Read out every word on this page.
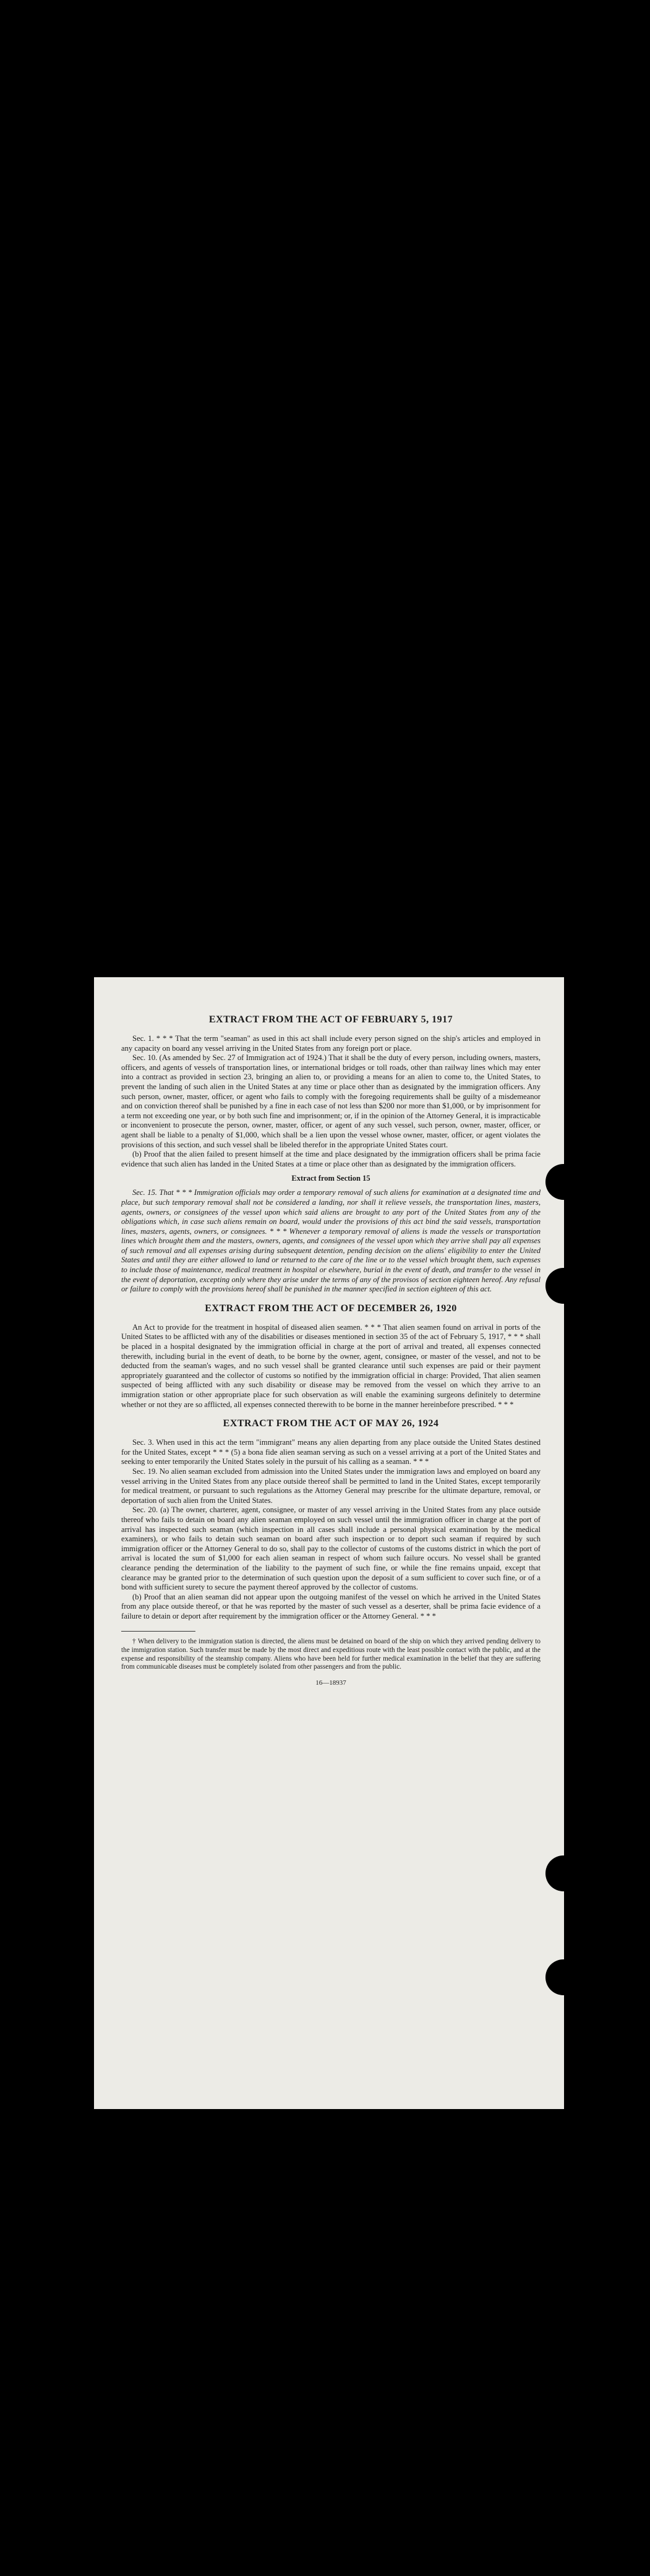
EXTRACT FROM THE ACT OF FEBRUARY 5, 1917

Sec. 1. * * * That the term "seaman" as used in this act shall include every person signed on the ship's articles and employed in any capacity on board any vessel arriving in the United States from any foreign port or place.

Sec. 10. (As amended by Sec. 27 of Immigration act of 1924.) That it shall be the duty of every person, including owners, masters, officers, and agents of vessels of transportation lines, or international bridges or toll roads, other than railway lines which may enter into a contract as provided in section 23, bringing an alien to, or providing a means for an alien to come to, the United States, to prevent the landing of such alien in the United States at any time or place other than as designated by the immigration officers. Any such person, owner, master, officer, or agent who fails to comply with the foregoing requirements shall be guilty of a misdemeanor and on conviction thereof shall be punished by a fine in each case of not less than $200 nor more than $1,000, or by imprisonment for a term not exceeding one year, or by both such fine and imprisonment; or, if in the opinion of the Attorney General, it is impracticable or inconvenient to prosecute the person, owner, master, officer, or agent of any such vessel, such person, owner, master, officer, or agent shall be liable to a penalty of $1,000, which shall be a lien upon the vessel whose owner, master, officer, or agent violates the provisions of this section, and such vessel shall be libeled therefor in the appropriate United States court.

(b) Proof that the alien failed to present himself at the time and place designated by the immigration officers shall be prima facie evidence that such alien has landed in the United States at a time or place other than as designated by the immigration officers.

Extract from Section 15

Sec. 15. That * * * Immigration officials may order a temporary removal of such aliens for examination at a designated time and place, but such temporary removal shall not be considered a landing, nor shall it relieve vessels, the transportation lines, masters, agents, owners, or consignees of the vessel upon which said aliens are brought to any port of the United States from any of the obligations which, in case such aliens remain on board, would under the provisions of this act bind the said vessels, transportation lines, masters, agents, owners, or consignees. * * * Whenever a temporary removal of aliens is made the vessels or transportation lines which brought them and the masters, owners, agents, and consignees of the vessel upon which they arrive shall pay all expenses of such removal and all expenses arising during subsequent detention, pending decision on the aliens' eligibility to enter the United States and until they are either allowed to land or returned to the care of the line or to the vessel which brought them, such expenses to include those of maintenance, medical treatment in hospital or elsewhere, burial in the event of death, and transfer to the vessel in the event of deportation, excepting only where they arise under the terms of any of the provisos of section eighteen hereof. Any refusal or failure to comply with the provisions hereof shall be punished in the manner specified in section eighteen of this act.

EXTRACT FROM THE ACT OF DECEMBER 26, 1920

An Act to provide for the treatment in hospital of diseased alien seamen. * * * That alien seamen found on arrival in ports of the United States to be afflicted with any of the disabilities or diseases mentioned in section 35 of the act of February 5, 1917, * * * shall be placed in a hospital designated by the immigration official in charge at the port of arrival and treated, all expenses connected therewith, including burial in the event of death, to be borne by the owner, agent, consignee, or master of the vessel, and not to be deducted from the seaman's wages, and no such vessel shall be granted clearance until such expenses are paid or their payment appropriately guaranteed and the collector of customs so notified by the immigration official in charge: Provided, That alien seamen suspected of being afflicted with any such disability or disease may be removed from the vessel on which they arrive to an immigration station or other appropriate place for such observation as will enable the examining surgeons definitely to determine whether or not they are so afflicted, all expenses connected therewith to be borne in the manner hereinbefore prescribed. * * *

EXTRACT FROM THE ACT OF MAY 26, 1924

Sec. 3. When used in this act the term "immigrant" means any alien departing from any place outside the United States destined for the United States, except * * * (5) a bona fide alien seaman serving as such on a vessel arriving at a port of the United States and seeking to enter temporarily the United States solely in the pursuit of his calling as a seaman. * * *

Sec. 19. No alien seaman excluded from admission into the United States under the immigration laws and employed on board any vessel arriving in the United States from any place outside thereof shall be permitted to land in the United States, except temporarily for medical treatment, or pursuant to such regulations as the Attorney General may prescribe for the ultimate departure, removal, or deportation of such alien from the United States.

Sec. 20. (a) The owner, charterer, agent, consignee, or master of any vessel arriving in the United States from any place outside thereof who fails to detain on board any alien seaman employed on such vessel until the immigration officer in charge at the port of arrival has inspected such seaman (which inspection in all cases shall include a personal physical examination by the medical examiners), or who fails to detain such seaman on board after such inspection or to deport such seaman if required by such immigration officer or the Attorney General to do so, shall pay to the collector of customs of the customs district in which the port of arrival is located the sum of $1,000 for each alien seaman in respect of whom such failure occurs. No vessel shall be granted clearance pending the determination of the liability to the payment of such fine, or while the fine remains unpaid, except that clearance may be granted prior to the determination of such question upon the deposit of a sum sufficient to cover such fine, or of a bond with sufficient surety to secure the payment thereof approved by the collector of customs.

(b) Proof that an alien seaman did not appear upon the outgoing manifest of the vessel on which he arrived in the United States from any place outside thereof, or that he was reported by the master of such vessel as a deserter, shall be prima facie evidence of a failure to detain or deport after requirement by the immigration officer or the Attorney General. * * *

† When delivery to the immigration station is directed, the aliens must be detained on board of the ship on which they arrived pending delivery to the immigration station. Such transfer must be made by the most direct and expeditious route with the least possible contact with the public, and at the expense and responsibility of the steamship company. Aliens who have been held for further medical examination in the belief that they are suffering from communicable diseases must be completely isolated from other passengers and from the public.

16—18937
